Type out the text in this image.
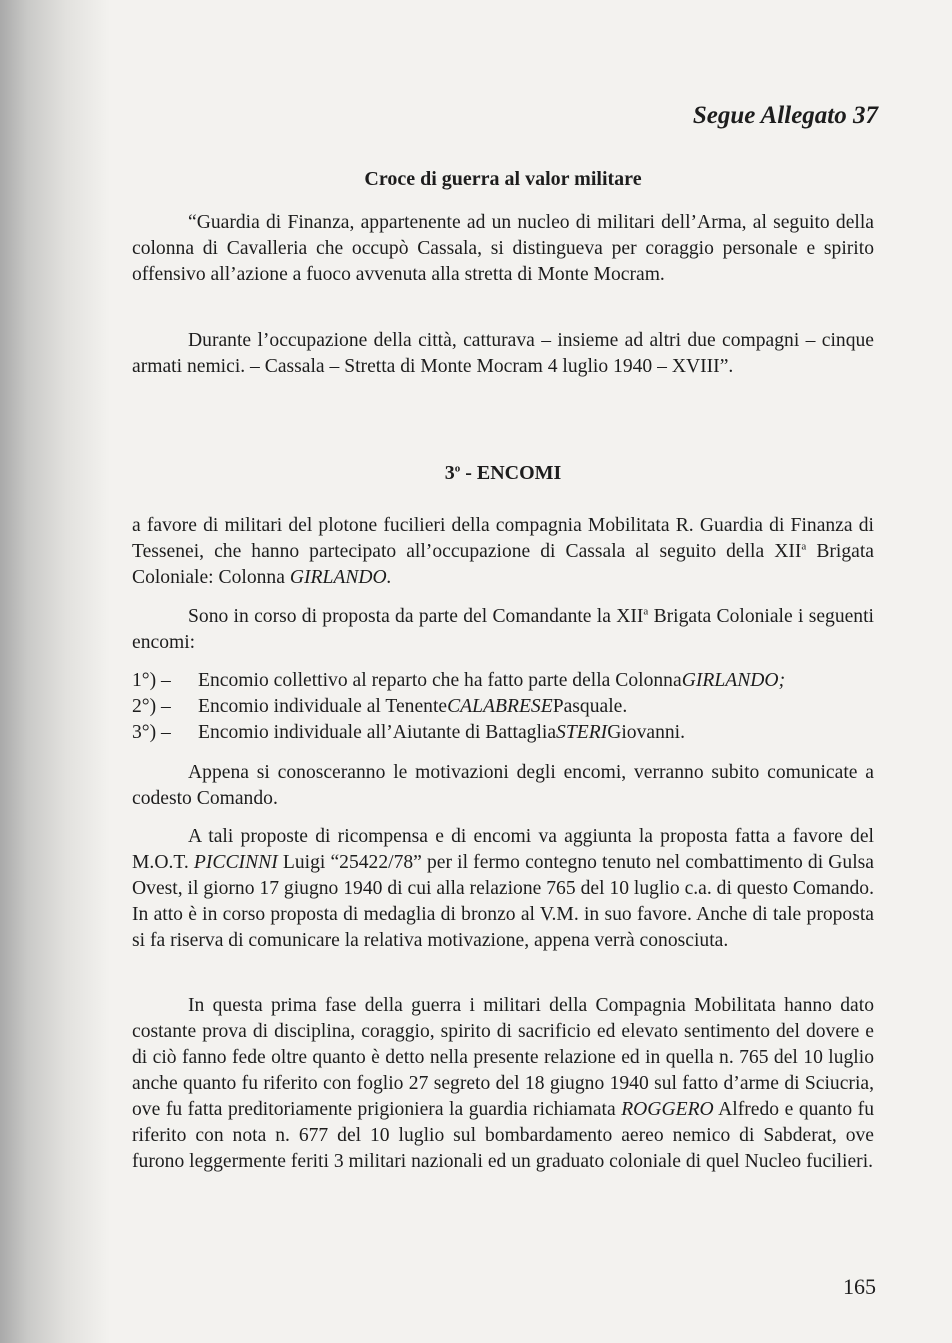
Segue Allegato 37
Croce di guerra al valor militare

“Guardia di Finanza, appartenente ad un nucleo di militari dell’Arma, al seguito della colonna di Cavalleria che occupò Cassala, si distingueva per coraggio personale e spirito offensivo all’azione a fuoco avvenuta alla stretta di Monte Mocram.

Durante l’occupazione della città, catturava – insieme ad altri due compagni – cinque armati nemici. – Cassala – Stretta di Monte Mocram 4 luglio 1940 – XVIII”.

3$^o$ - ENCOMI

a favore di militari del plotone fucilieri della compagnia Mobilitata R. Guardia di Finanza di Tessenei, che hanno partecipato all’occupazione di Cassala al seguito della XII$^a$ Brigata Coloniale: Colonna GIRLANDO.

Sono in corso di proposta da parte del Comandante la XII$^a$ Brigata Coloniale i seguenti encomi:

1°) –	Encomio collettivo al reparto che ha fatto parte della Colonna GIRLANDO;
2°) –	Encomio individuale al Tenente CALABRESE Pasquale.
3°) –	Encomio individuale all’Aiutante di Battaglia STERI Giovanni.

Appena si conosceranno le motivazioni degli encomi, verranno subito comunicate a codesto Comando.

A tali proposte di ricompensa e di encomi va aggiunta la proposta fatta a favore del M.O.T. PICCINNI Luigi “25422/78” per il fermo contegno tenuto nel combattimento di Gulsa Ovest, il giorno 17 giugno 1940 di cui alla relazione 765 del 10 luglio c.a. di questo Comando. In atto è in corso proposta di medaglia di bronzo al V.M. in suo favore. Anche di tale proposta si fa riserva di comunicare la relativa motivazione, appena verrà conosciuta.

In questa prima fase della guerra i militari della Compagnia Mobilitata hanno dato costante prova di disciplina, coraggio, spirito di sacrificio ed elevato sentimento del dovere e di ciò fanno fede oltre quanto è detto nella presente relazione ed in quella n. 765 del 10 luglio anche quanto fu riferito con foglio 27 segreto del 18 giugno 1940 sul fatto d’arme di Sciucria, ove fu fatta preditoriamente prigioniera la guardia richiamata ROGGERO Alfredo e quanto fu riferito con nota n. 677 del 10 luglio sul bombardamento aereo nemico di Sabderat, ove furono leggermente feriti 3 militari nazionali ed un graduato coloniale di quel Nucleo fucilieri.

165
